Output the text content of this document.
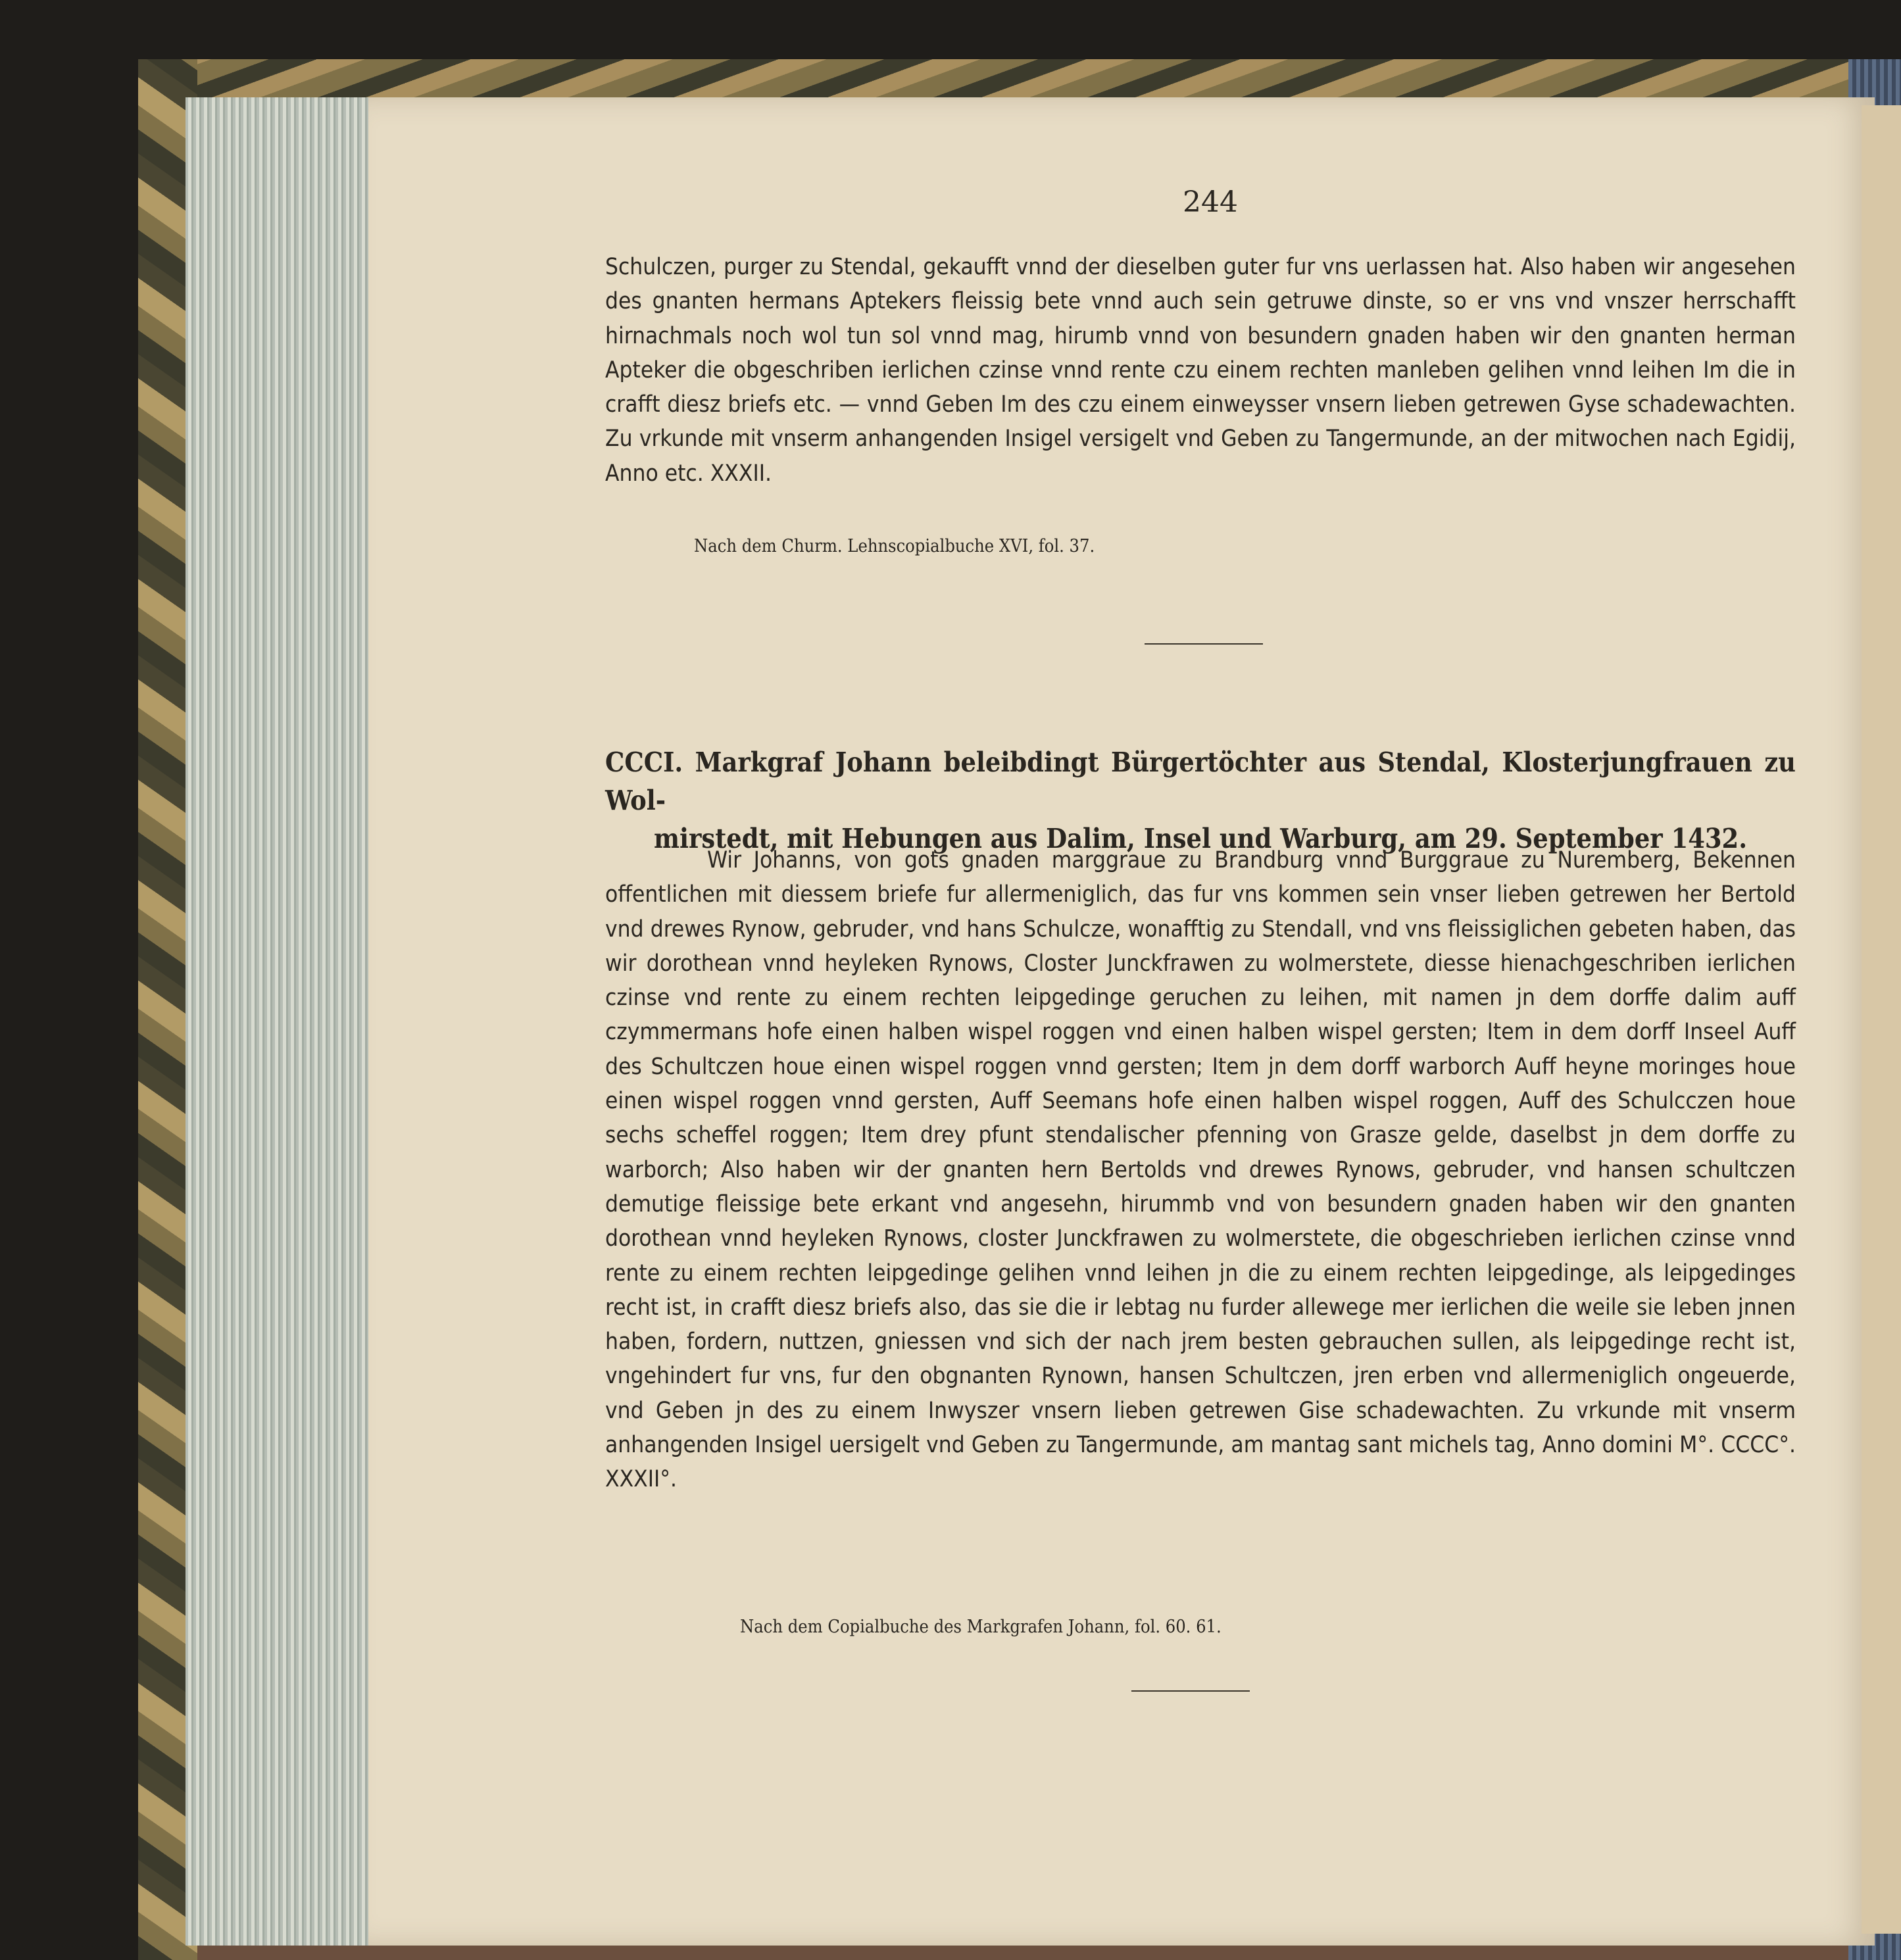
244

Schulczen, purger zu Stendal, gekaufft vnnd der dieselben guter fur vns uerlassen hat. Also haben wir angesehen des gnanten hermans Aptekers fleissig bete vnnd auch sein getruwe dinste, so er vns vnd vnszer herrschafft hirnachmals noch wol tun sol vnnd mag, hirumb vnnd von besundern gnaden haben wir den gnanten herman Apteker die obgeschriben ierlichen czinse vnnd rente czu einem rechten manleben gelihen vnnd leihen Im die in crafft diesz briefs etc. — vnnd Geben Im des czu einem einweysser vnsern lieben getrewen Gyse schadewachten. Zu vrkunde mit vnserm anhangenden Insigel versigelt vnd Geben zu Tangermunde, an der mitwochen nach Egidij, Anno etc. XXXII.

Nach dem Churm. Lehnscopialbuche XVI, fol. 37.
CCCI. Markgraf Johann beleibdingt Bürgertöchter aus Stendal, Klosterjungfrauen zu Wol-
mirstedt, mit Hebungen aus Dalim, Insel und Warburg, am 29. September 1432.

Wir Johanns, von gots gnaden marggraue zu Brandburg vnnd Burggraue zu Nuremberg, Bekennen offentlichen mit diessem briefe fur allermeniglich, das fur vns kommen sein vnser lieben getrewen her Bertold vnd drewes Rynow, gebruder, vnd hans Schulcze, wonafftig zu Stendall, vnd vns fleissiglichen gebeten haben, das wir dorothean vnnd heyleken Rynows, Closter Junckfrawen zu wolmerstete, diesse hienachgeschriben ierlichen czinse vnd rente zu einem rechten leipgedinge geruchen zu leihen, mit namen jn dem dorffe dalim auff czymmermans hofe einen halben wispel roggen vnd einen halben wispel gersten; Item in dem dorff Inseel Auff des Schultczen houe einen wispel roggen vnnd gersten; Item jn dem dorff warborch Auff heyne moringes houe einen wispel roggen vnnd gersten, Auff Seemans hofe einen halben wispel roggen, Auff des Schulcczen houe sechs scheffel roggen; Item drey pfunt stendalischer pfenning von Grasze gelde, daselbst jn dem dorffe zu warborch; Also haben wir der gnanten hern Bertolds vnd drewes Rynows, gebruder, vnd hansen schultczen demutige fleissige bete erkant vnd angesehn, hirummb vnd von besundern gnaden haben wir den gnanten dorothean vnnd heyleken Rynows, closter Junckfrawen zu wolmerstete, die obgeschrieben ierlichen czinse vnnd rente zu einem rechten leipgedinge gelihen vnnd leihen jn die zu einem rechten leipgedinge, als leipgedinges recht ist, in crafft diesz briefs also, das sie die ir lebtag nu furder allewege mer ierlichen die weile sie leben jnnen haben, fordern, nuttzen, gniessen vnd sich der nach jrem besten gebrauchen sullen, als leipgedinge recht ist, vngehindert fur vns, fur den obgnanten Rynown, hansen Schultczen, jren erben vnd allermeniglich ongeuerde, vnd Geben jn des zu einem Inwyszer vnsern lieben getrewen Gise schadewachten. Zu vrkunde mit vnserm anhangenden Insigel uersigelt vnd Geben zu Tangermunde, am mantag sant michels tag, Anno domini M°. CCCC°. XXXII°.

Nach dem Copialbuche des Markgrafen Johann, fol. 60. 61.
